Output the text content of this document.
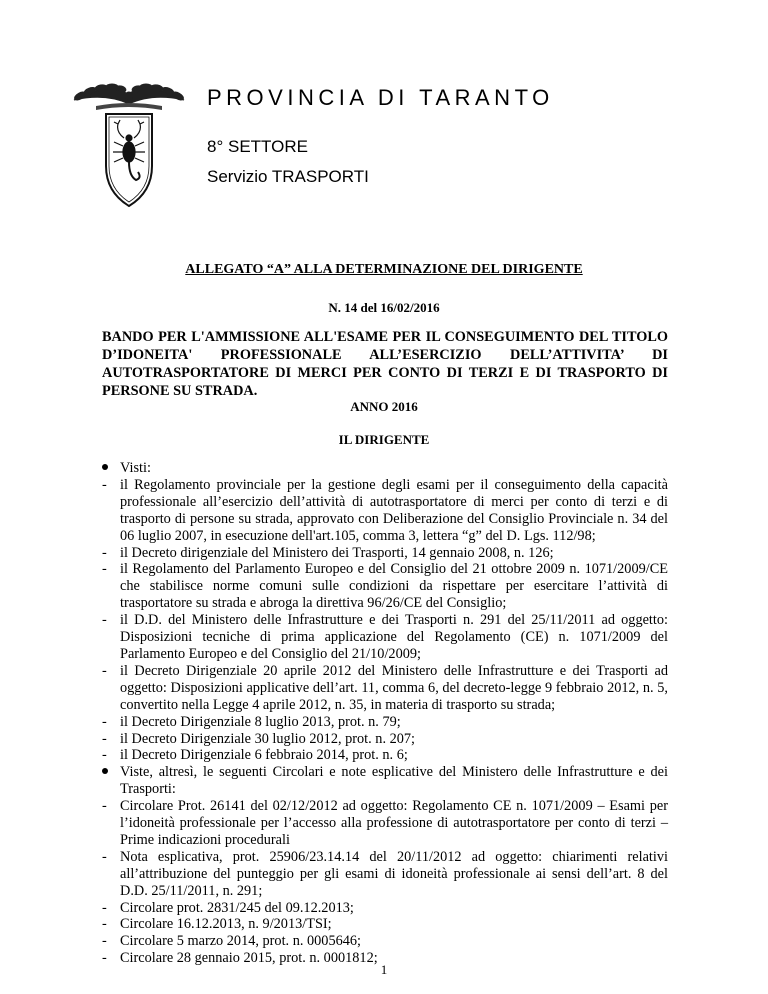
PROVINCIA DI TARANTO
8° SETTORE
Servizio TRASPORTI
ALLEGATO “A” ALLA DETERMINAZIONE DEL DIRIGENTE
N. 14 del 16/02/2016
BANDO PER L'AMMISSIONE ALL'ESAME PER IL CONSEGUIMENTO DEL TITOLO
D’IDONEITA' PROFESSIONALE ALL’ESERCIZIO DELL’ATTIVITA’ DI
AUTOTRASPORTATORE DI MERCI PER CONTO DI TERZI E DI TRASPORTO DI
PERSONE SU STRADA.
ANNO 2016
IL DIRIGENTE
Visti:
- il Regolamento provinciale per la gestione degli esami per il conseguimento della capacità professionale all’esercizio dell’attività di autotrasportatore di merci per conto di terzi e di trasporto di persone su strada, approvato con Deliberazione del Consiglio Provinciale n. 34 del 06 luglio 2007, in esecuzione dell'art.105, comma 3, lettera “g” del D. Lgs. 112/98;
- il Decreto dirigenziale del Ministero dei Trasporti, 14 gennaio 2008, n. 126;
- il Regolamento del Parlamento Europeo e del Consiglio del 21 ottobre 2009 n. 1071/2009/CE che stabilisce norme comuni sulle condizioni da rispettare per esercitare l’attività di trasportatore su strada e abroga la direttiva 96/26/CE del Consiglio;
- il D.D. del Ministero delle Infrastrutture e dei Trasporti n. 291 del 25/11/2011 ad oggetto: Disposizioni tecniche di prima applicazione del Regolamento (CE) n. 1071/2009 del Parlamento Europeo e del Consiglio del 21/10/2009;
- il Decreto Dirigenziale 20 aprile 2012 del Ministero delle Infrastrutture e dei Trasporti ad oggetto: Disposizioni applicative dell’art. 11, comma 6, del decreto-legge 9 febbraio 2012, n. 5, convertito nella Legge 4 aprile 2012, n. 35, in materia di trasporto su strada;
- il Decreto Dirigenziale 8 luglio 2013, prot. n. 79;
- il Decreto Dirigenziale 30 luglio 2012, prot. n. 207;
- il Decreto Dirigenziale 6 febbraio 2014, prot. n. 6;
Viste, altresì, le seguenti Circolari e note esplicative del Ministero delle Infrastrutture e dei Trasporti:
- Circolare Prot. 26141 del 02/12/2012 ad oggetto: Regolamento CE n. 1071/2009 – Esami per l’idoneità professionale per l’accesso alla professione di autotrasportatore per conto di terzi – Prime indicazioni procedurali
- Nota esplicativa, prot. 25906/23.14.14 del 20/11/2012 ad oggetto: chiarimenti relativi all’attribuzione del punteggio per gli esami di idoneità professionale ai sensi dell’art. 8 del D.D. 25/11/2011, n. 291;
- Circolare prot. 2831/245 del 09.12.2013;
- Circolare 16.12.2013, n. 9/2013/TSI;
- Circolare 5 marzo 2014, prot. n. 0005646;
- Circolare 28 gennaio 2015, prot. n. 0001812;
1
